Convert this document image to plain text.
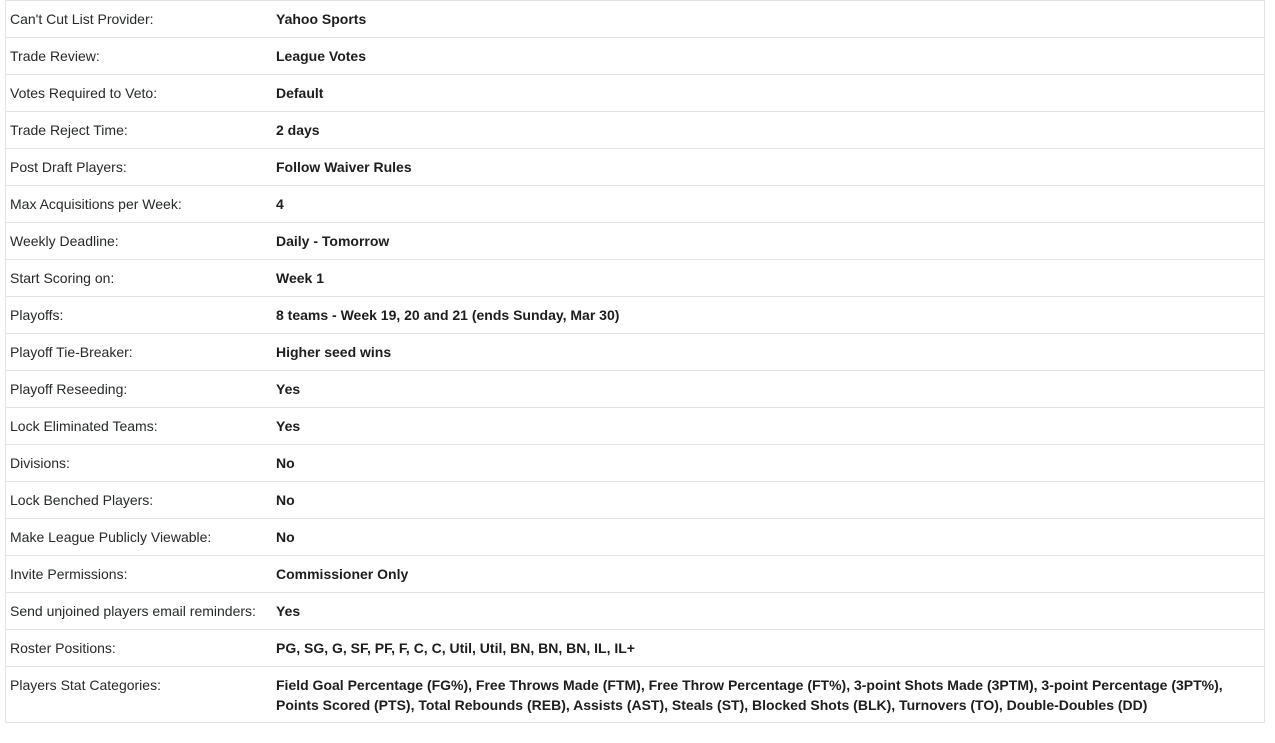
Can't Cut List Provider:	Yahoo Sports
Trade Review:	League Votes
Votes Required to Veto:	Default
Trade Reject Time:	2 days
Post Draft Players:	Follow Waiver Rules
Max Acquisitions per Week:	4
Weekly Deadline:	Daily - Tomorrow
Start Scoring on:	Week 1
Playoffs:	8 teams - Week 19, 20 and 21 (ends Sunday, Mar 30)
Playoff Tie-Breaker:	Higher seed wins
Playoff Reseeding:	Yes
Lock Eliminated Teams:	Yes
Divisions:	No
Lock Benched Players:	No
Make League Publicly Viewable:	No
Invite Permissions:	Commissioner Only
Send unjoined players email reminders:	Yes
Roster Positions:	PG, SG, G, SF, PF, F, C, C, Util, Util, BN, BN, BN, IL, IL+
Players Stat Categories:	Field Goal Percentage (FG%), Free Throws Made (FTM), Free Throw Percentage (FT%), 3-point Shots Made (3PTM), 3-point Percentage (3PT%), Points Scored (PTS), Total Rebounds (REB), Assists (AST), Steals (ST), Blocked Shots (BLK), Turnovers (TO), Double-Doubles (DD)
